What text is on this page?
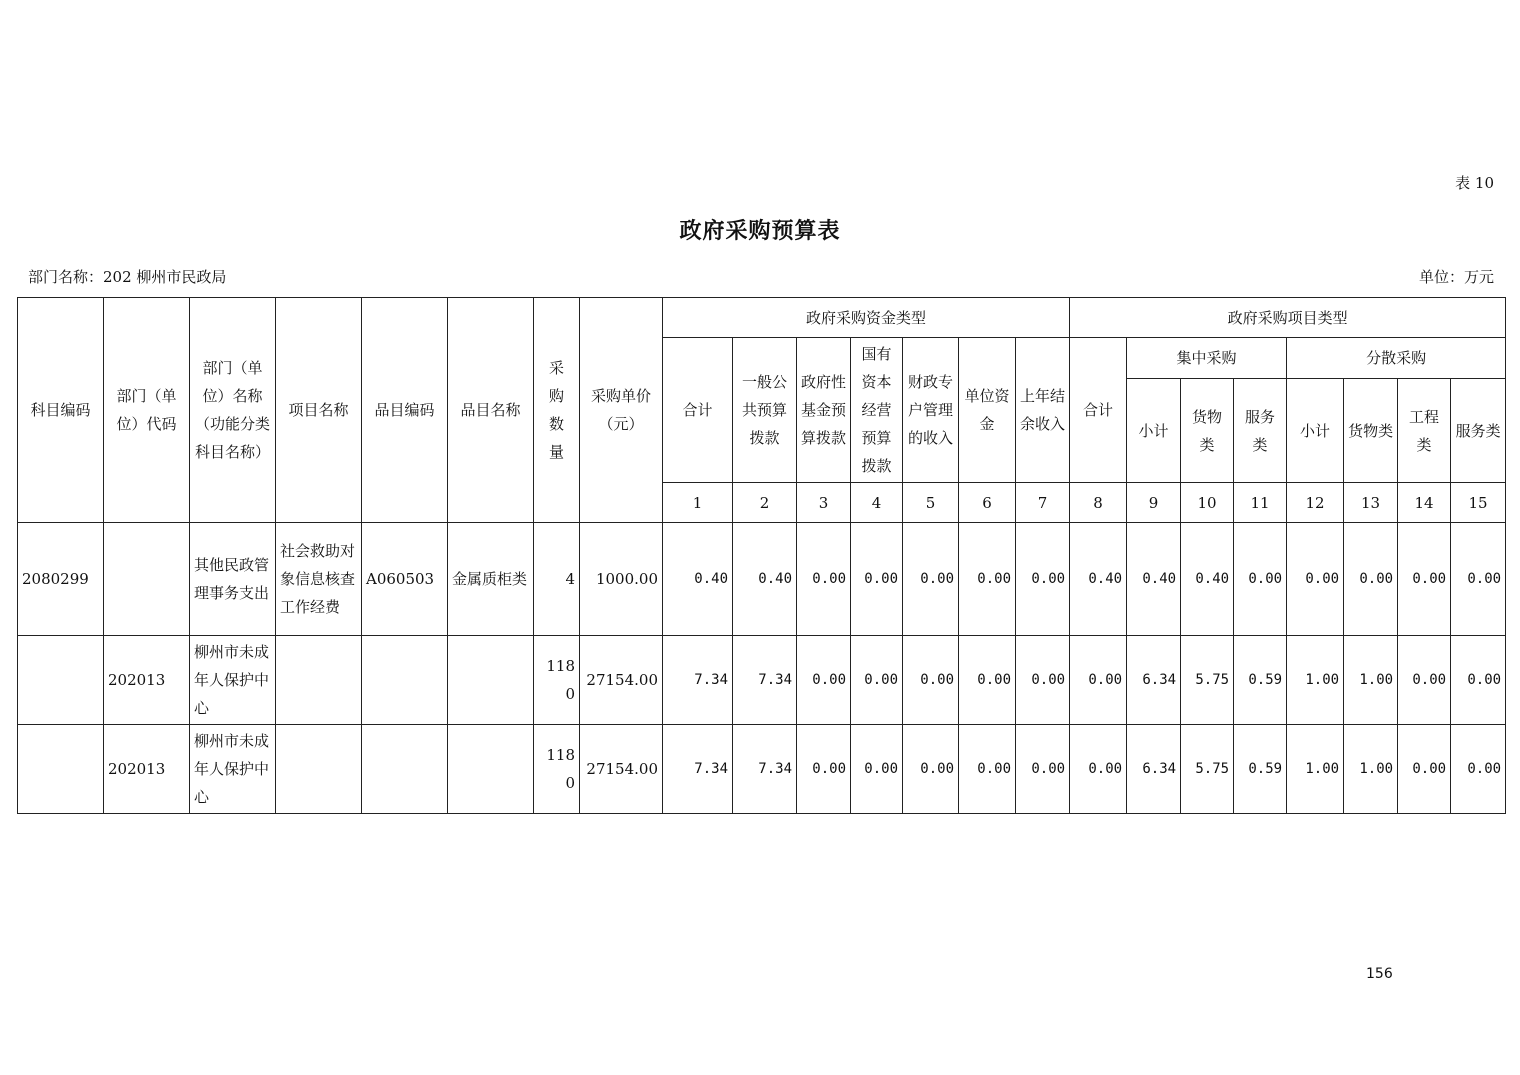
表 10
政府采购预算表
部门名称：202 柳州市民政局	单位：万元
科目编码	部门（单位）代码	部门（单位）名称（功能分类科目名称）	项目名称	品目编码	品目名称	采购数量	采购单价（元）	政府采购资金类型							政府采购项目类型							
								合计	一般公共预算拨款	政府性基金预算拨款	国有资本经营预算拨款	财政专户管理的收入	单位资金	上年结余收入	合计	集中采购			分散采购			
																小计	货物类	服务类	小计	货物类	工程类	服务类
								1	2	3	4	5	6	7	8	9	10	11	12	13	14	15
2080299		其他民政管理事务支出	社会救助对象信息核查工作经费	A060503	金属质柜类	4	1000.00	0.40	0.40	0.00	0.00	0.00	0.00	0.00	0.40	0.40	0.40	0.00	0.00	0.00	0.00	0.00
	202013	柳州市未成年人保护中心				1180	27154.00	7.34	7.34	0.00	0.00	0.00	0.00	0.00	0.00	6.34	5.75	0.59	1.00	1.00	0.00	0.00
	202013	柳州市未成年人保护中心				1180	27154.00	7.34	7.34	0.00	0.00	0.00	0.00	0.00	0.00	6.34	5.75	0.59	1.00	1.00	0.00	0.00
156
